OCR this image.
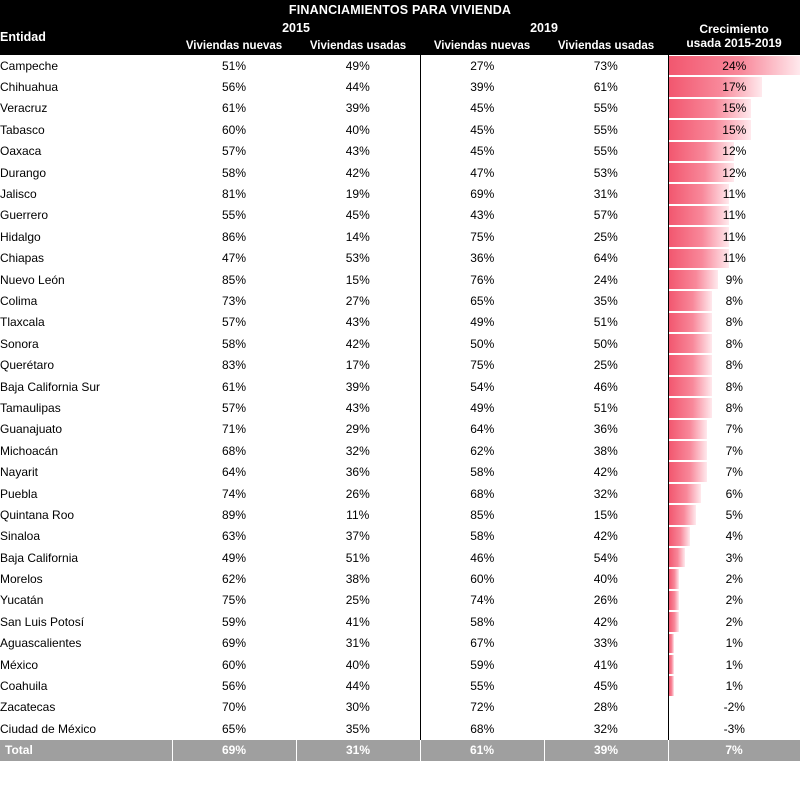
FINANCIAMIENTOS PARA VIVIENDA					
Entidad	2015		2019		Crecimiento
usada 2015-2019

	Viviendas nuevas	Viviendas usadas	Viviendas nuevas	Viviendas usadas	
Campeche	51%	49%	27%	73%	24%
Chihuahua	56%	44%	39%	61%	17%
Veracruz	61%	39%	45%	55%	15%
Tabasco	60%	40%	45%	55%	15%
Oaxaca	57%	43%	45%	55%	12%
Durango	58%	42%	47%	53%	12%
Jalisco	81%	19%	69%	31%	11%
Guerrero	55%	45%	43%	57%	11%
Hidalgo	86%	14%	75%	25%	11%
Chiapas	47%	53%	36%	64%	11%
Nuevo León	85%	15%	76%	24%	9%
Colima	73%	27%	65%	35%	8%
Tlaxcala	57%	43%	49%	51%	8%
Sonora	58%	42%	50%	50%	8%
Querétaro	83%	17%	75%	25%	8%
Baja California Sur	61%	39%	54%	46%	8%
Tamaulipas	57%	43%	49%	51%	8%
Guanajuato	71%	29%	64%	36%	7%
Michoacán	68%	32%	62%	38%	7%
Nayarit	64%	36%	58%	42%	7%
Puebla	74%	26%	68%	32%	6%
Quintana Roo	89%	11%	85%	15%	5%
Sinaloa	63%	37%	58%	42%	4%
Baja California	49%	51%	46%	54%	3%
Morelos	62%	38%	60%	40%	2%
Yucatán	75%	25%	74%	26%	2%
San Luis Potosí	59%	41%	58%	42%	2%
Aguascalientes	69%	31%	67%	33%	1%
México	60%	40%	59%	41%	1%
Coahuila	56%	44%	55%	45%	1%
Zacatecas	70%	30%	72%	28%	-2%
Ciudad de México	65%	35%	68%	32%	-3%
Total	69%	31%	61%	39%	7%
